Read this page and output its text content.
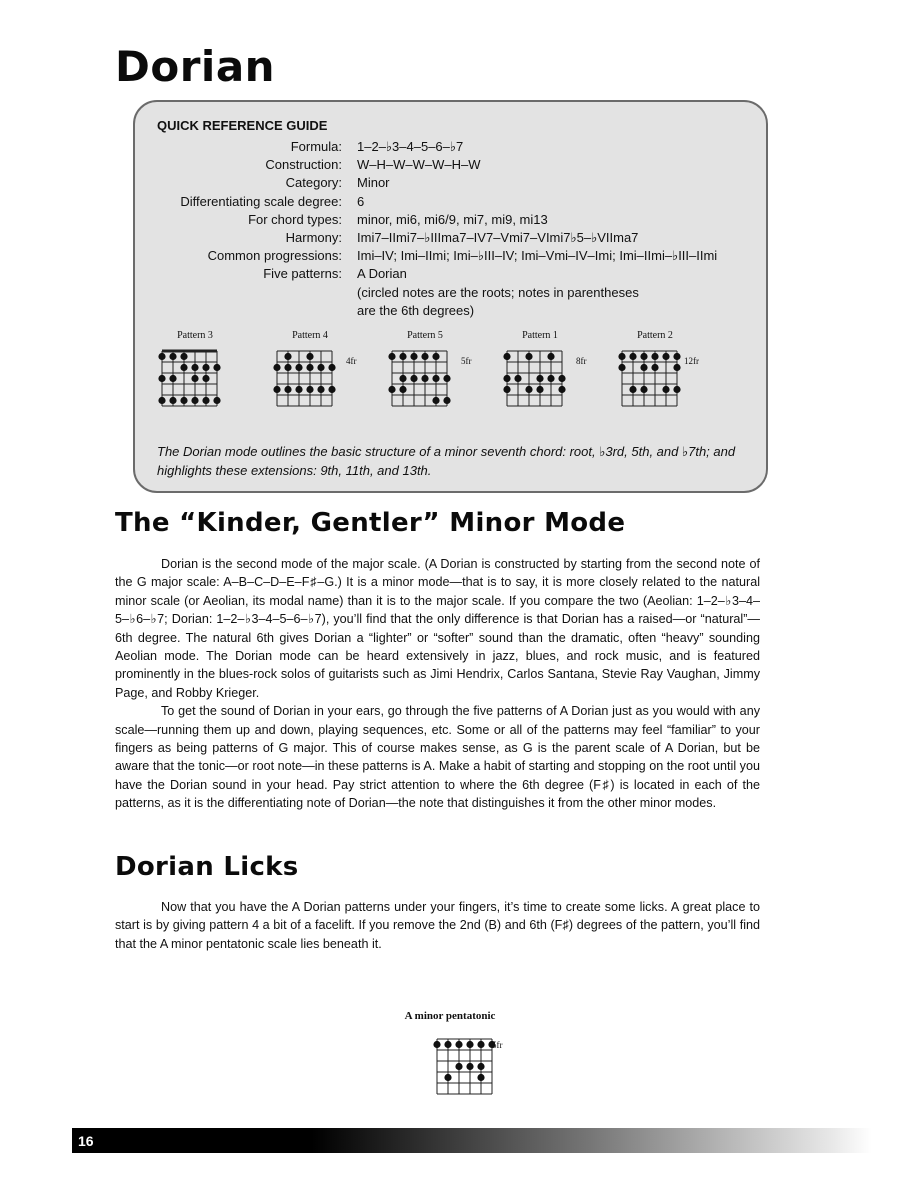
Dorian
QUICK REFERENCE GUIDE
Formula:
Construction:
Category:
Differentiating scale degree:
For chord types:
Harmony:
Common progressions:
Five patterns:
1–2–♭3–4–5–6–♭7
W–H–W–W–W–H–W
Minor
6
minor, mi6, mi6/9, mi7, mi9, mi13
Imi7–IImi7–♭IIIma7–IV7–Vmi7–VImi7♭5–♭VIIma7
Imi–IV; Imi–IImi; Imi–♭III–IV; Imi–Vmi–IV–Imi; Imi–IImi–♭III–IImi
A Dorian
(circled notes are the roots; notes in parentheses
are the 6th degrees)
Pattern 3	Pattern 4
4fr
Pattern 5
5fr
Pattern 1
8fr
Pattern 2
12fr
The Dorian mode outlines the basic structure of a minor seventh chord: root, ♭3rd, 5th, and ♭7th; and highlights these extensions: 9th, 11th, and 13th.
The “Kinder, Gentler” Minor Mode

Dorian is the second mode of the major scale. (A Dorian is constructed by starting from the second note of the G major scale: A–B–C–D–E–F♯–G.) It is a minor mode—that is to say, it is more closely related to the natural minor scale (or Aeolian, its modal name) than it is to the major scale. If you compare the two (Aeolian: 1–2–♭3–4–5–♭6–♭7; Dorian: 1–2–♭3–4–5–6–♭7), you’ll find that the only difference is that Dorian has a raised—or “natural”—6th degree. The natural 6th gives Dorian a “lighter” or “softer” sound than the dramatic, often “heavy” sounding Aeolian mode. The Dorian mode can be heard extensively in jazz, blues, and rock music, and is featured prominently in the blues-rock solos of guitarists such as Jimi Hendrix, Carlos Santana, Stevie Ray Vaughan, Jimmy Page, and Robby Krieger.

To get the sound of Dorian in your ears, go through the five patterns of A Dorian just as you would with any scale—running them up and down, playing sequences, etc. Some or all of the patterns may feel “familiar” to your fingers as being patterns of G major. This of course makes sense, as G is the parent scale of A Dorian, but be aware that the tonic—or root note—in these patterns is A. Make a habit of starting and stopping on the root until you have the Dorian sound in your head. Pay strict attention to where the 6th degree (F♯) is located in each of the patterns, as it is the differentiating note of Dorian—the note that distinguishes it from the other minor modes.

Dorian Licks

Now that you have the A Dorian patterns under your fingers, it’s time to create some licks. A great place to start is by giving pattern 4 a bit of a facelift. If you remove the 2nd (B) and 6th (F♯) degrees of the pattern, you’ll find that the A minor pentatonic scale lies beneath it.

A minor pentatonic
5fr
16
